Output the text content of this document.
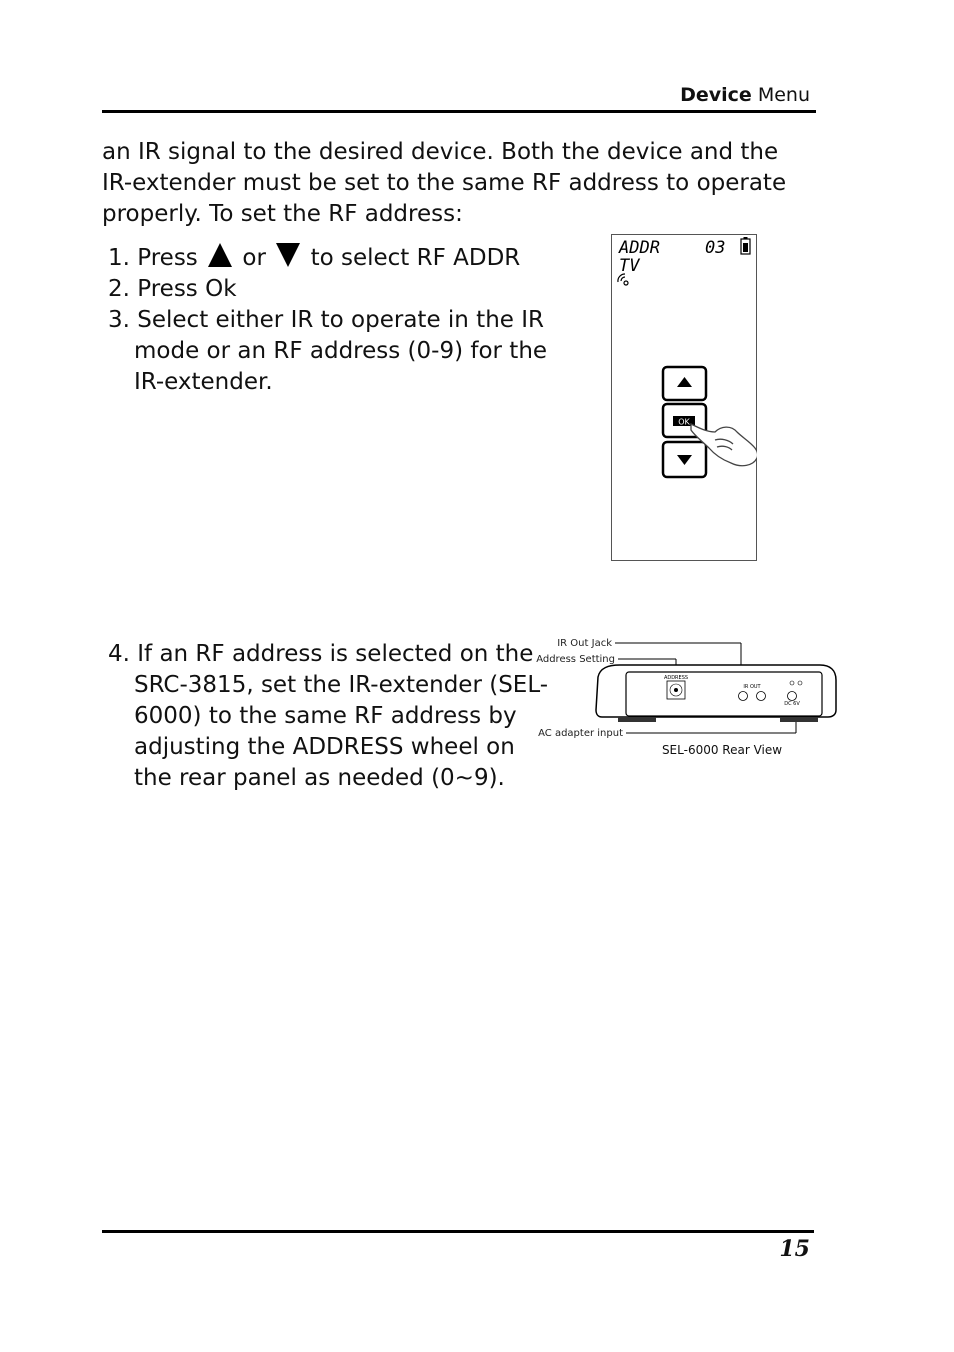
Device Menu

an IR signal to the desired device. Both the device and the IR-extender must be set to the same RF address to operate properly. To set the RF address:

1. Press  or  to select RF ADDR
2. Press Ok
3. Select either IR to operate in the IR mode or an RF address (0-9) for the IR-extender.

4. If an RF address is selected on the SRC-3815, set the IR-extender (SEL-6000) to the same RF address by adjusting the ADDRESS wheel on the rear panel as needed (0~9).

ADDR	03
TV
OK
IR Out Jack
Address Setting
AC adapter input
ADDRESS
IR OUT
DC 6V
SEL-6000 Rear View
15
